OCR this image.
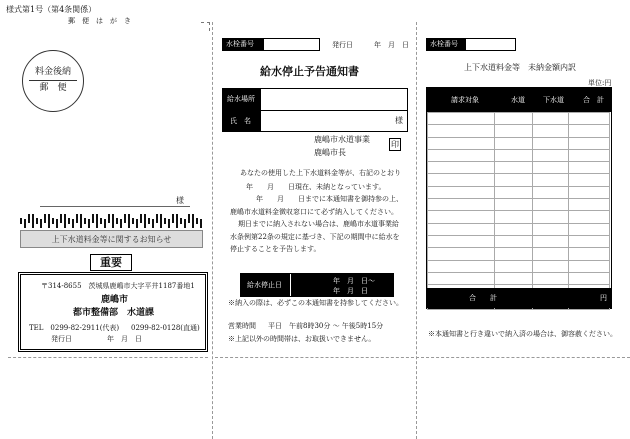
様式第1号（第4条関係）
郵　便　は　が　き
料金後納
郵　便
様
上下水道料金等に関するお知らせ
重要
〒314-8655　茨城県鹿嶋市大字平井1187番地1
鹿嶋市
都市整備部　水道課
TEL　0299-82-2911(代表) 0299-82-0128(直通)
発行日　　　　　年　月　日
水栓番号	発行日　　　年　月　日
給水停止予告通知書
給水場所
氏　名	様
鹿嶋市水道事業
鹿嶋市長
印
あなたの使用した上下水道料金等が、右記のとおり
年　　月　　日現在、未納となっています。
年　　月　　日までに本通知書を御持参の上、
鹿嶋市水道料金徴収窓口にて必ず納入してください。
期日までに納入されない場合は、鹿嶋市水道事業給
水条例第22条の規定に基づき、下記の期間中に給水を
停止することを予告します。
給水停止日	年　月　日～
年　月　日
※納入の際は、必ずこの本通知書を持参してください。
営業時間 平日　午前8時30分 ～ 午後5時15分
※上記以外の時間帯は、お取扱いできません。
水栓番号
上下水道料金等　未納金額内訳
単位:円
請求対象	水道	下水道	合　計

合　　計	円
※本通知書と行き違いで納入済の場合は、御容赦ください。
